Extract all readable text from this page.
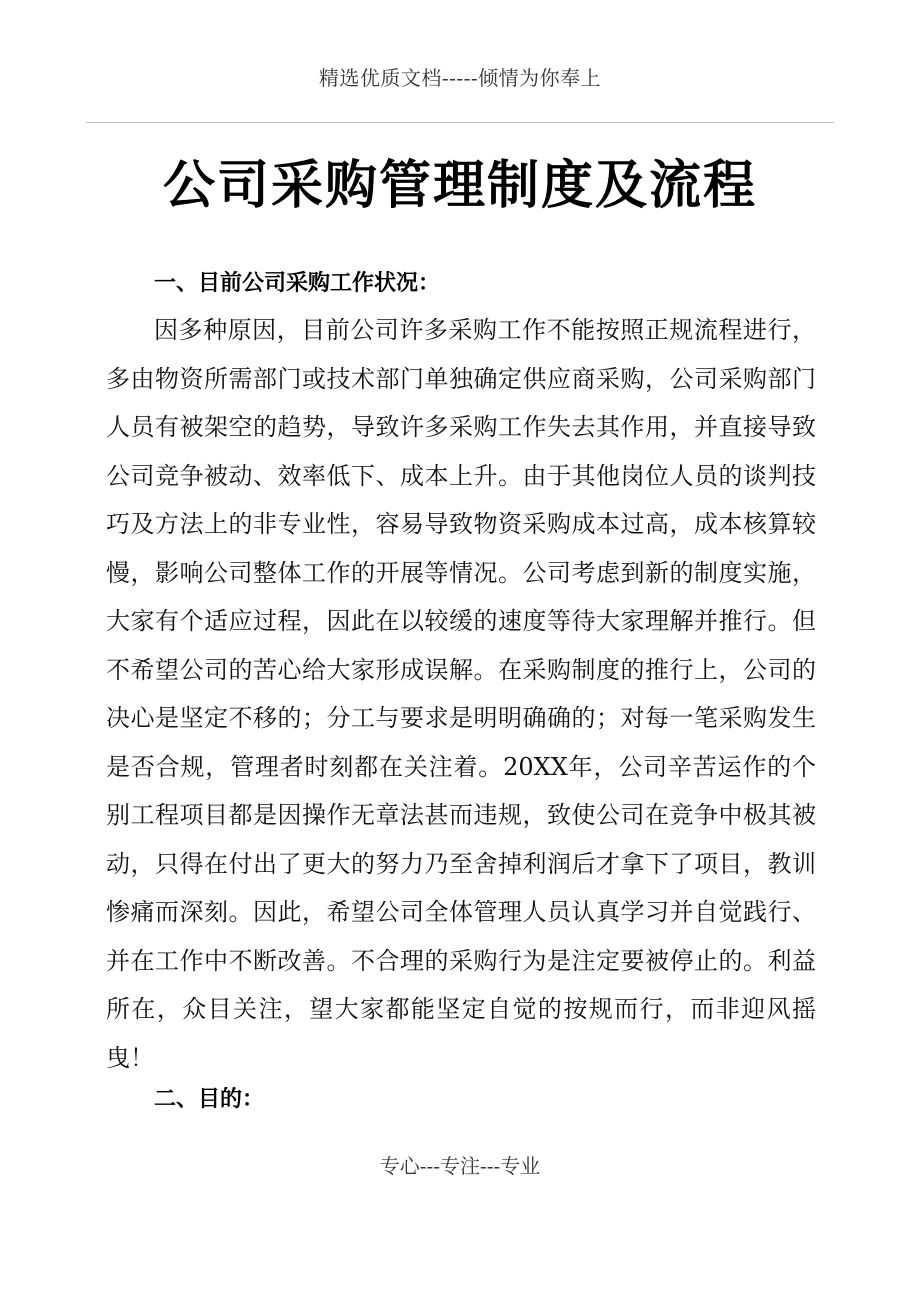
精选优质文档-----倾情为你奉上
公司采购管理制度及流程
一、目前公司采购工作状况：

因多种原因，目前公司许多采购工作不能按照正规流程进行，多由物资所需部门或技术部门单独确定供应商采购，公司采购部门人员有被架空的趋势，导致许多采购工作失去其作用，并直接导致公司竞争被动、效率低下、成本上升。由于其他岗位人员的谈判技巧及方法上的非专业性，容易导致物资采购成本过高，成本核算较慢，影响公司整体工作的开展等情况。公司考虑到新的制度实施，大家有个适应过程，因此在以较缓的速度等待大家理解并推行。但不希望公司的苦心给大家形成误解。在采购制度的推行上，公司的决心是坚定不移的；分工与要求是明明确确的；对每一笔采购发生是否合规，管理者时刻都在关注着。20XX年，公司辛苦运作的个别工程项目都是因操作无章法甚而违规，致使公司在竞争中极其被动，只得在付出了更大的努力乃至舍掉利润后才拿下了项目，教训惨痛而深刻。因此，希望公司全体管理人员认真学习并自觉践行、并在工作中不断改善。不合理的采购行为是注定要被停止的。利益所在，众目关注，望大家都能坚定自觉的按规而行，而非迎风摇曳！

二、目的：
专心---专注---专业
